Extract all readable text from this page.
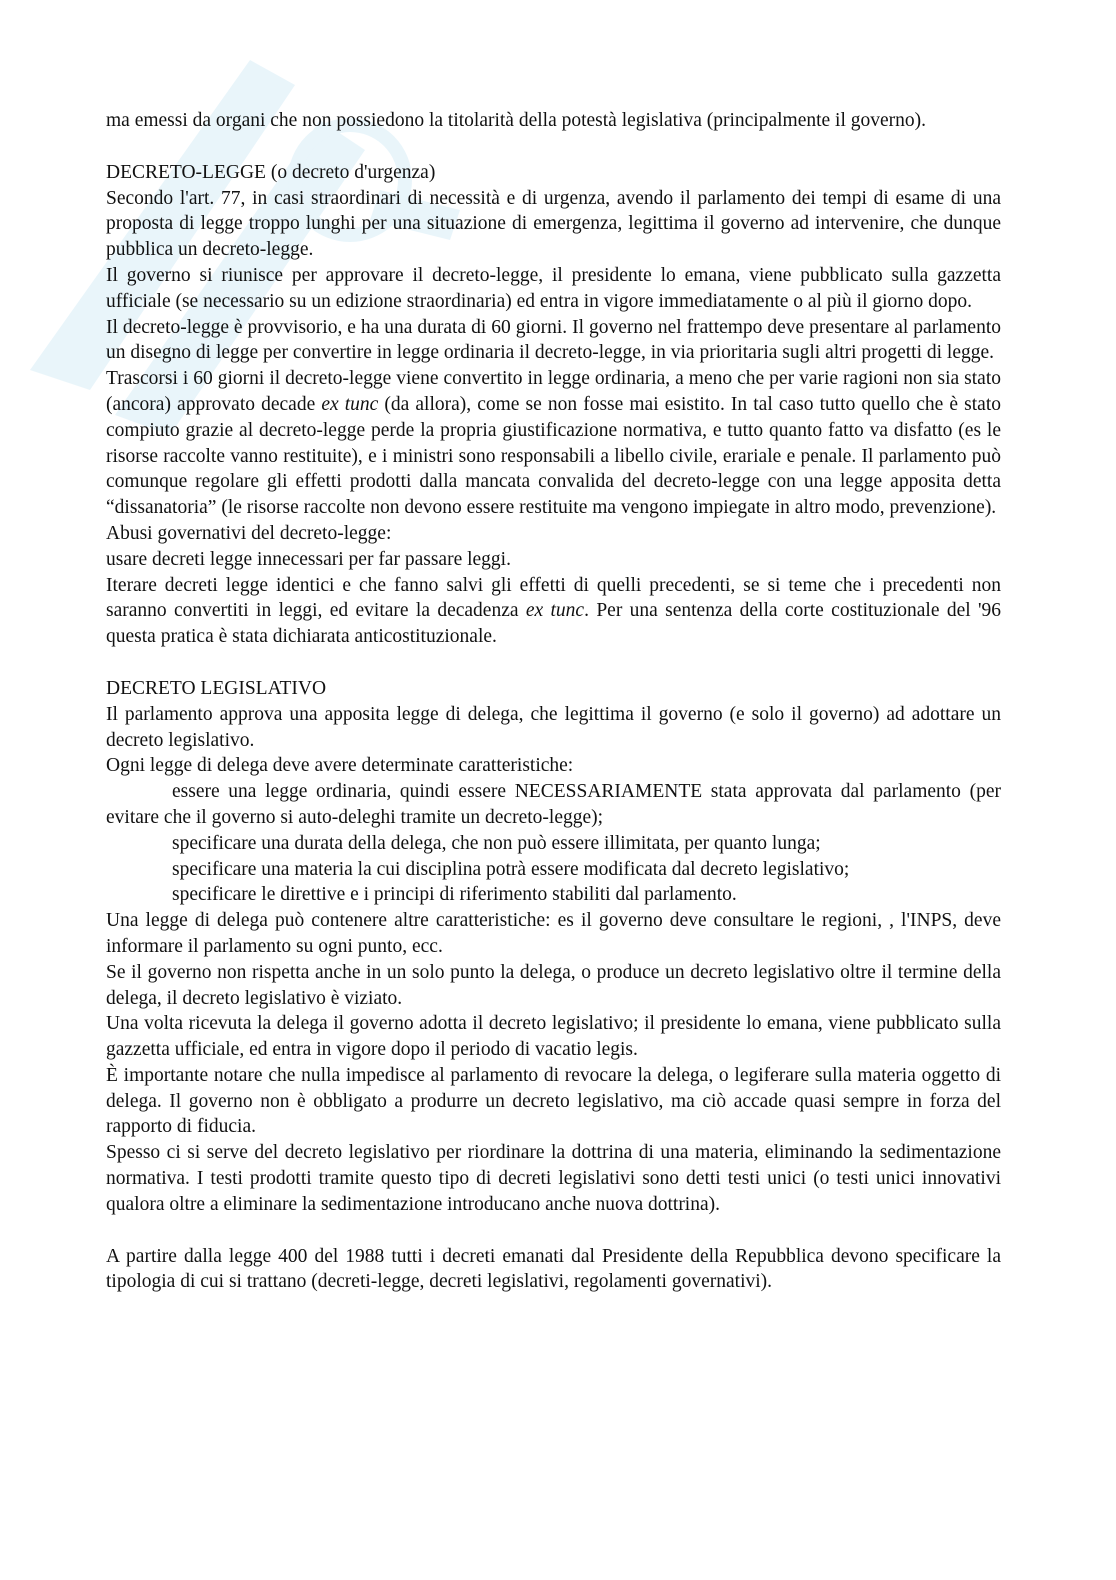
ma emessi da organi che non possiedono la titolarità della potestà legislativa (principalmente il governo).

DECRETO-LEGGE (o decreto d'urgenza)

Secondo l'art. 77, in casi straordinari di necessità e di urgenza, avendo il parlamento dei tempi di esame di una proposta di legge troppo lunghi per una situazione di emergenza, legittima il governo ad intervenire, che dunque pubblica un decreto-legge.

Il governo si riunisce per approvare il decreto-legge, il presidente lo emana, viene pubblicato sulla gazzetta ufficiale (se necessario su un edizione straordinaria) ed entra in vigore immediatamente o al più il giorno dopo.

Il decreto-legge è provvisorio, e ha una durata di 60 giorni. Il governo nel frattempo deve presentare al parlamento un disegno di legge per convertire in legge ordinaria il decreto-legge, in via prioritaria sugli altri progetti di legge.

Trascorsi i 60 giorni il decreto-legge viene convertito in legge ordinaria, a meno che per varie ragioni non sia stato (ancora) approvato decade ex tunc (da allora), come se non fosse mai esistito. In tal caso tutto quello che è stato compiuto grazie al decreto-legge perde la propria giustificazione normativa, e tutto quanto fatto va disfatto (es le risorse raccolte vanno restituite), e i ministri sono responsabili a libello civile, erariale e penale. Il parlamento può comunque regolare gli effetti prodotti dalla mancata convalida del decreto-legge con una legge apposita detta “dissanatoria” (le risorse raccolte non devono essere restituite ma vengono impiegate in altro modo, prevenzione).

Abusi governativi del decreto-legge:

usare decreti legge innecessari per far passare leggi.

Iterare decreti legge identici e che fanno salvi gli effetti di quelli precedenti, se si teme che i precedenti non saranno convertiti in leggi, ed evitare la decadenza ex tunc. Per una sentenza della corte costituzionale del '96 questa pratica è stata dichiarata anticostituzionale.

DECRETO LEGISLATIVO

Il parlamento approva una apposita legge di delega, che legittima il governo (e solo il governo) ad adottare un decreto legislativo.

Ogni legge di delega deve avere determinate caratteristiche:

essere una legge ordinaria, quindi essere NECESSARIAMENTE stata approvata dal parlamento (per evitare che il governo si auto-deleghi tramite un decreto-legge);

specificare una durata della delega, che non può essere illimitata, per quanto lunga;

specificare una materia la cui disciplina potrà essere modificata dal decreto legislativo;

specificare le direttive e i principi di riferimento stabiliti dal parlamento.

Una legge di delega può contenere altre caratteristiche: es il governo deve consultare le regioni, , l'INPS, deve informare il parlamento su ogni punto, ecc.

Se il governo non rispetta anche in un solo punto la delega, o produce un decreto legislativo oltre il termine della delega, il decreto legislativo è viziato.

Una volta ricevuta la delega il governo adotta il decreto legislativo; il presidente lo emana, viene pubblicato sulla gazzetta ufficiale, ed entra in vigore dopo il periodo di vacatio legis.

È importante notare che nulla impedisce al parlamento di revocare la delega, o legiferare sulla materia oggetto di delega. Il governo non è obbligato a produrre un decreto legislativo, ma ciò accade quasi sempre in forza del rapporto di fiducia.

Spesso ci si serve del decreto legislativo per riordinare la dottrina di una materia, eliminando la sedimentazione normativa. I testi prodotti tramite questo tipo di decreti legislativi sono detti testi unici (o testi unici innovativi qualora oltre a eliminare la sedimentazione introducano anche nuova dottrina).

A partire dalla legge 400 del 1988 tutti i decreti emanati dal Presidente della Repubblica devono specificare la tipologia di cui si trattano (decreti-legge, decreti legislativi, regolamenti governativi).
